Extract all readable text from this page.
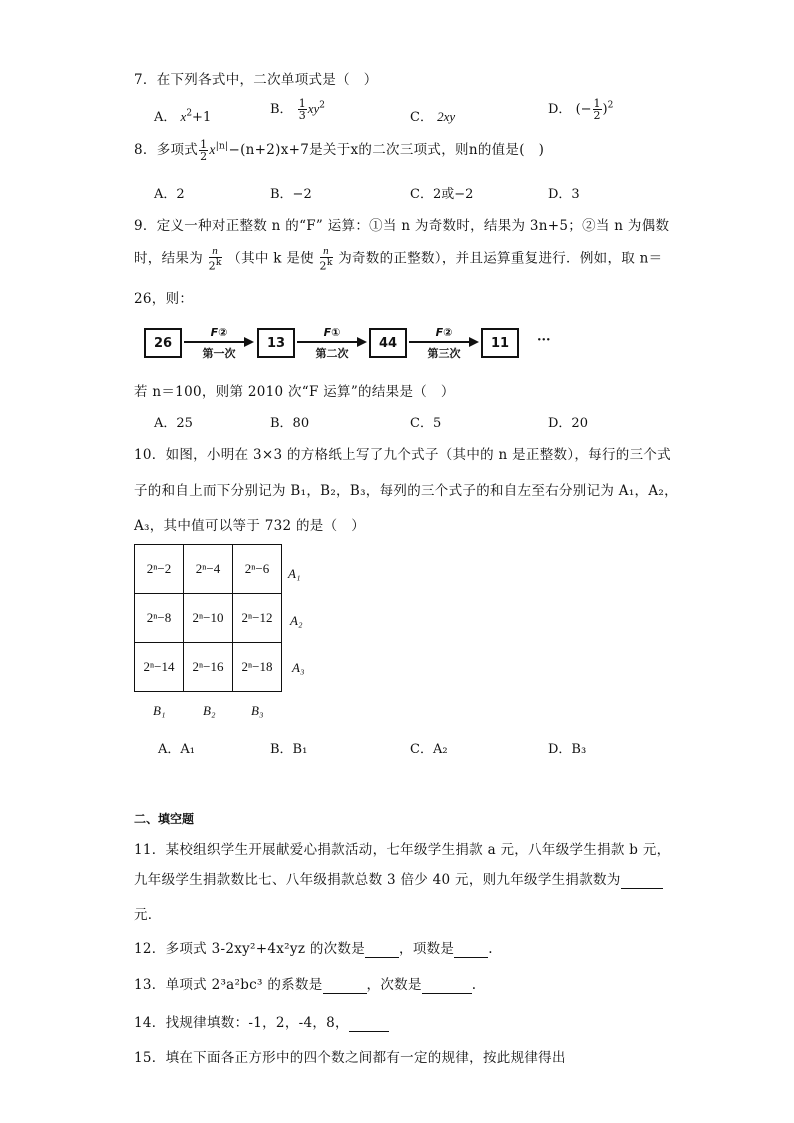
7．在下列各式中，二次单项式是（　）
A． $x^2+1$
B． $\frac{1}{3} xy^2$
C． 2xy	D． (− $\frac{1}{2} )^2$
8．多项式 $\frac{1}{2} x^{|n|}-(n+2)x+7$是关于x的二次三项式，则n的值是(　)
A．2	B．−2	C．2或−2	D．3
9．定义一种对正整数 n 的“F” 运算：①当 n 为奇数时，结果为 3n+5；②当 n 为偶数
时，结果为 $\frac{n}{2^k}$ （其中 k 是使 $\frac{n}{2^k}$ 为奇数的正整数），并且运算重复进行．例如，取 n＝
26，则：
26
F②
第一次
13
F①
第二次
44
F②
第三次
11	···
若 n＝100，则第 2010 次“F 运算”的结果是（　）
A．25	B．80	C．5	D．20
10．如图，小明在 3×3 的方格纸上写了九个式子（其中的 n 是正整数），每行的三个式
子的和自上而下分别记为 B₁，B₂，B₃，每列的三个式子的和自左至右分别记为 A₁，A₂，
A₃，其中值可以等于 732 的是（　）
2ⁿ−2	2ⁿ−4	2ⁿ−6
2ⁿ−8	2ⁿ−10	2ⁿ−12
2ⁿ−14	2ⁿ−16	2ⁿ−18
A₁
A₂
A₃
B₁	B₂	B₃
A．A₁	B．B₁	C．A₂	D．B₃
二、填空题
11．某校组织学生开展献爱心捐款活动，七年级学生捐款 a 元，八年级学生捐款 b 元，
九年级学生捐款数比七、八年级捐款总数 3 倍少 40 元，则九年级学生捐款数为
元．
12．多项式 3-2xy²+4x²yz 的次数是	，项数是	.
13．单项式 2³a²bc³ 的系数是	，次数是	.
14．找规律填数：-1，2，-4，8，
15．填在下面各正方形中的四个数之间都有一定的规律，按此规律得出
